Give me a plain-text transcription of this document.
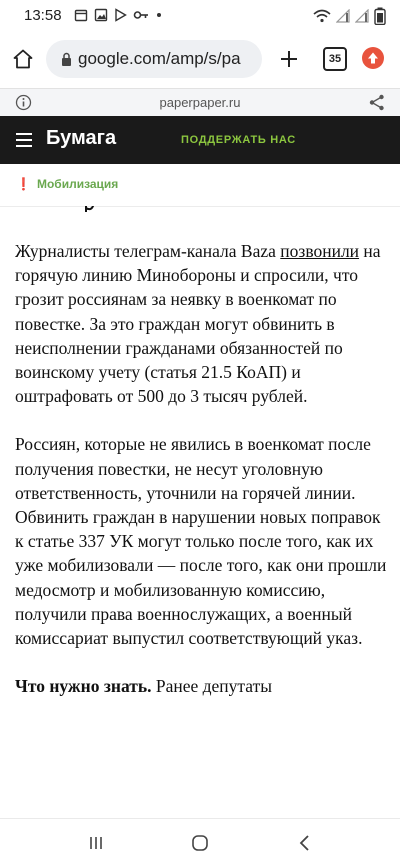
13:58
google.com/amp/s/pa	35
paperpaper.ru
Бумага	ПОДДЕРЖАТЬ НАС
❗ Мобилизация

Журналисты телеграм-канала Baza позвонили на горячую линию Минобороны и спросили, что грозит россиянам за неявку в военкомат по повестке. За это граждан могут обвинить в неисполнении гражданами обязанностей по воинскому учету (статья 21.5 КоАП) и оштрафовать от 500 до 3 тысяч рублей.

Россиян, которые не явились в военкомат после получения повестки, не несут уголовную ответственность, уточнили на горячей линии. Обвинить граждан в нарушении новых поправок к статье 337 УК могут только после того, как их уже мобилизовали — после того, как они прошли медосмотр и мобилизованную комиссию, получили права военнослужащих, а военный комиссариат выпустил соответствующий указ.

Что нужно знать. Ранее депутаты
